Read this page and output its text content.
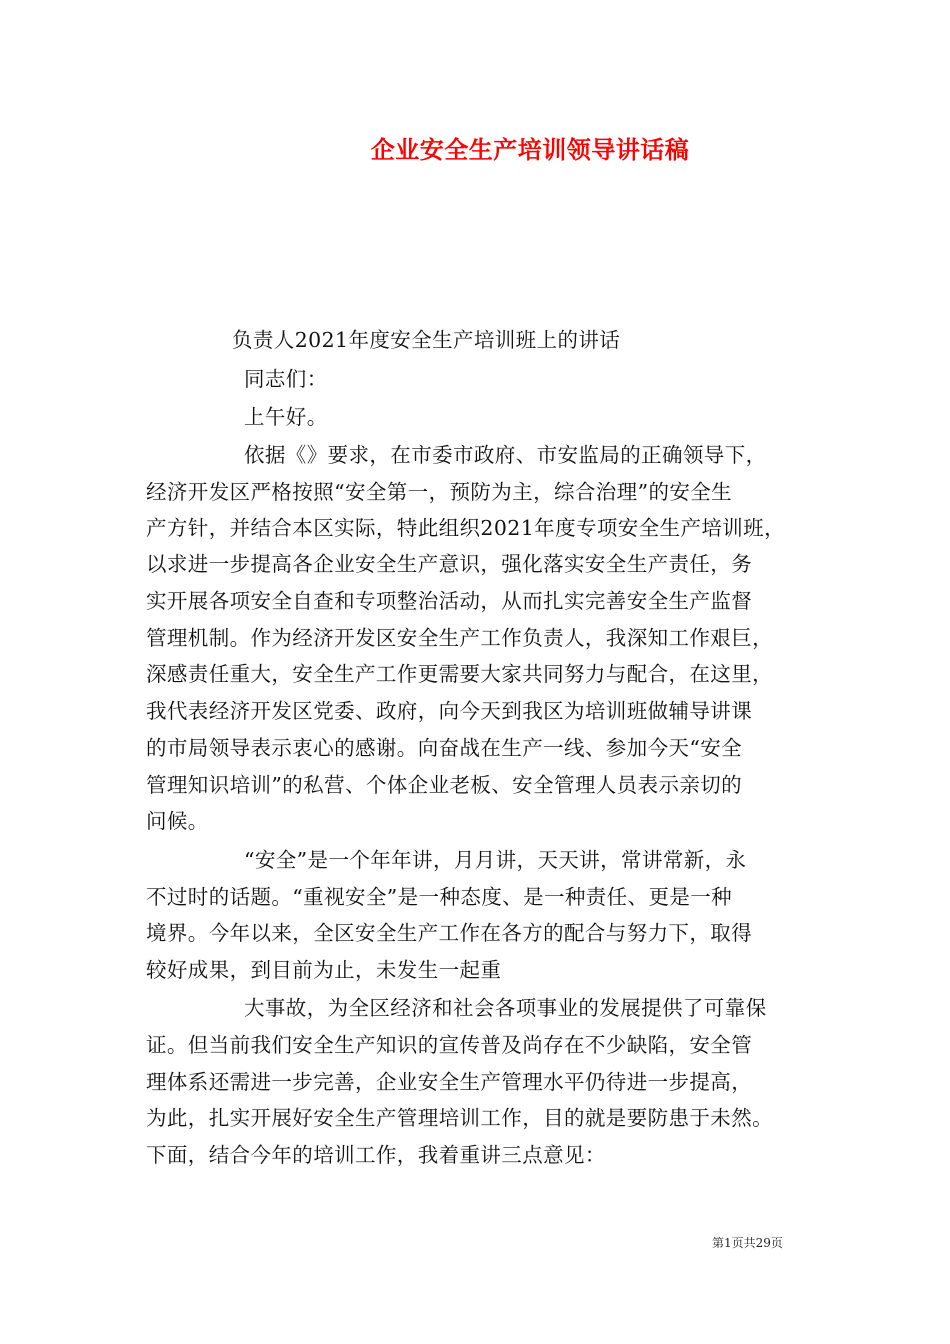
企业安全生产培训领导讲话稿
负责人2021年度安全生产培训班上的讲话
同志们：
上午好。
依据《》要求，在市委市政府、市安监局的正确领导下，
经济开发区严格按照“安全第一，预防为主，综合治理”的安全生
产方针，并结合本区实际，特此组织2021年度专项安全生产培训班，
以求进一步提高各企业安全生产意识，强化落实安全生产责任，务
实开展各项安全自查和专项整治活动，从而扎实完善安全生产监督
管理机制。作为经济开发区安全生产工作负责人，我深知工作艰巨，
深感责任重大，安全生产工作更需要大家共同努力与配合，在这里，
我代表经济开发区党委、政府，向今天到我区为培训班做辅导讲课
的市局领导表示衷心的感谢。向奋战在生产一线、参加今天“安全
管理知识培训”的私营、个体企业老板、安全管理人员表示亲切的
问候。
“安全”是一个年年讲，月月讲，天天讲，常讲常新，永
不过时的话题。“重视安全”是一种态度、是一种责任、更是一种
境界。今年以来，全区安全生产工作在各方的配合与努力下，取得
较好成果，到目前为止，未发生一起重
大事故，为全区经济和社会各项事业的发展提供了可靠保
证。但当前我们安全生产知识的宣传普及尚存在不少缺陷，安全管
理体系还需进一步完善，企业安全生产管理水平仍待进一步提高，
为此，扎实开展好安全生产管理培训工作，目的就是要防患于未然。
下面，结合今年的培训工作，我着重讲三点意见：
第1页共29页
